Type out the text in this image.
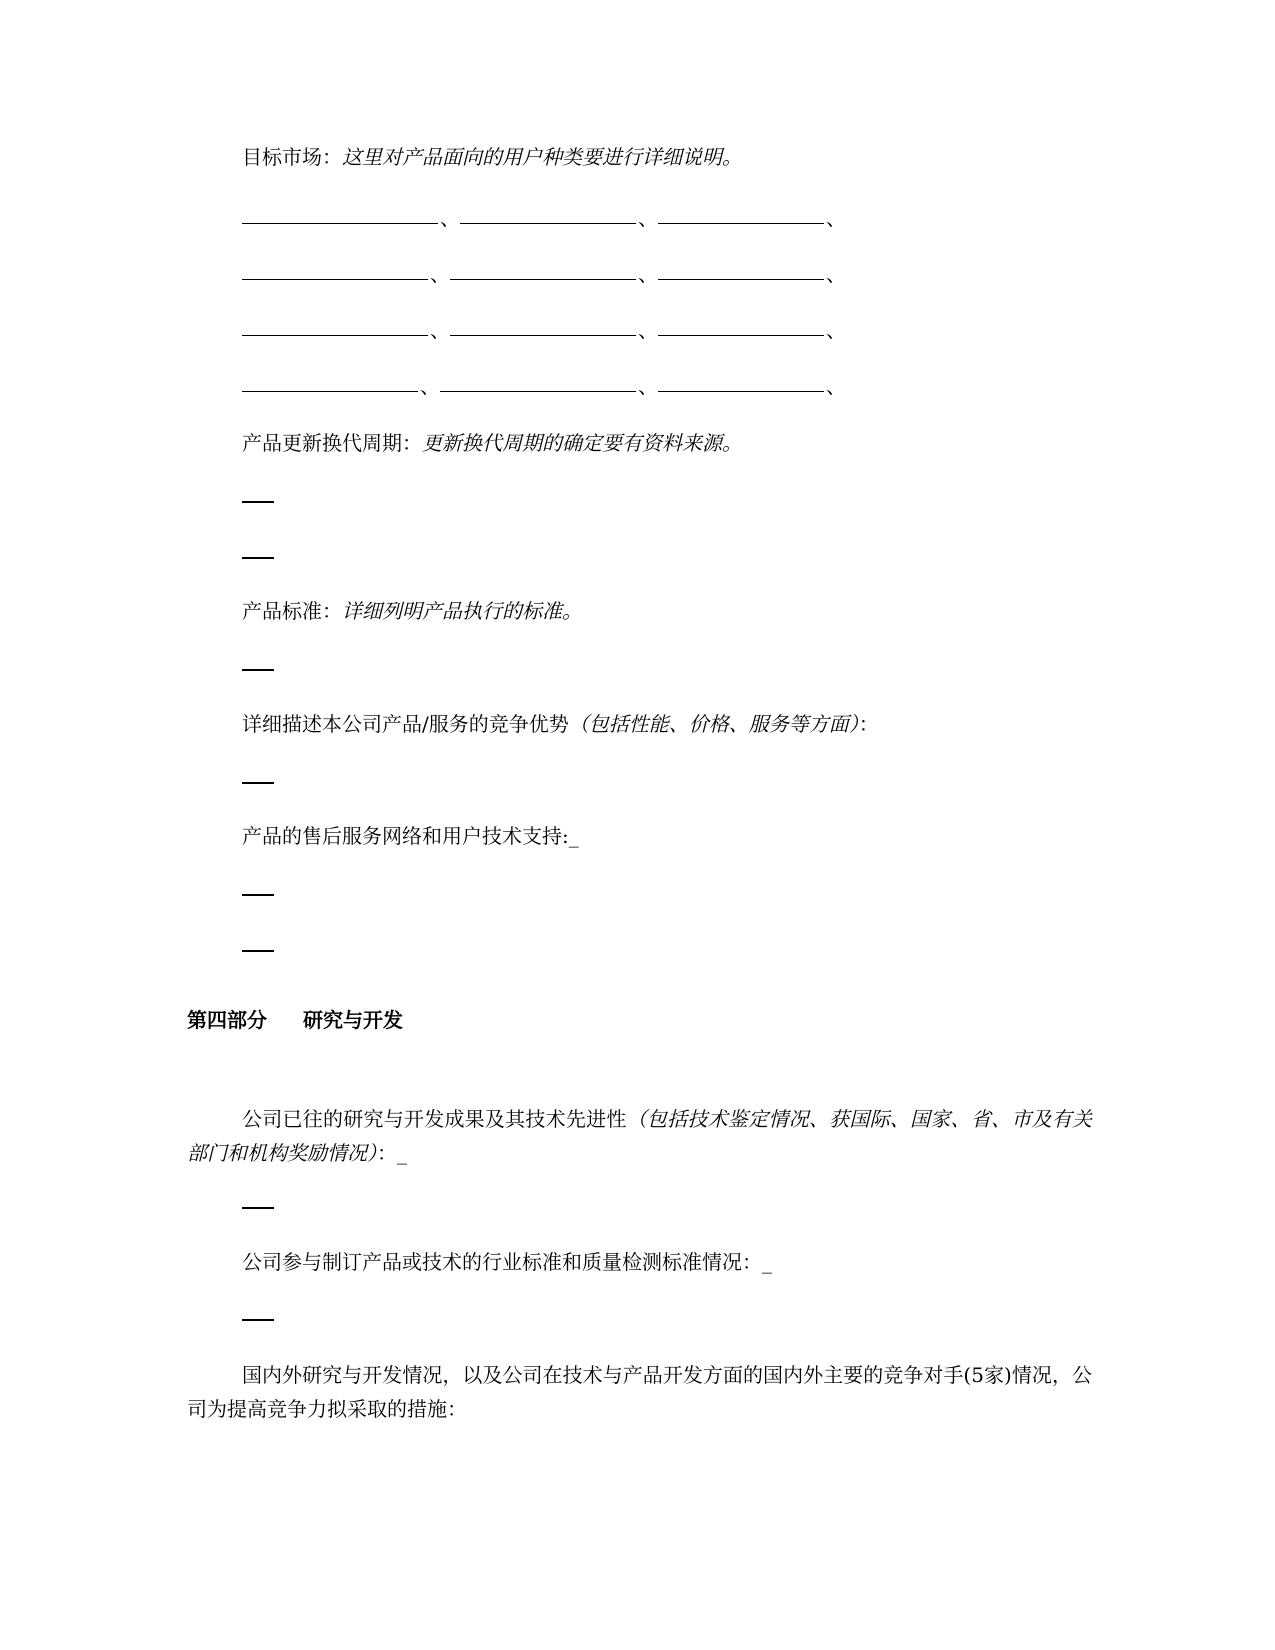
目标市场：这里对产品面向的用户种类要进行详细说明。

、	、	、
、	、	、
、	、	、
、	、	、

产品更新换代周期：更新换代周期的确定要有资料来源。

产品标准：详细列明产品执行的标准。

详细描述本公司产品/服务的竞争优势（包括性能、价格、服务等方面）：

产品的售后服务网络和用户技术支持:_

第四部分 研究与开发

公司已往的研究与开发成果及其技术先进性（包括技术鉴定情况、获国际、国家、省、市及有关部门和机构奖励情况）：_

公司参与制订产品或技术的行业标准和质量检测标准情况：_

国内外研究与开发情况，以及公司在技术与产品开发方面的国内外主要的竞争对手(5家)情况，公司为提高竞争力拟采取的措施：
